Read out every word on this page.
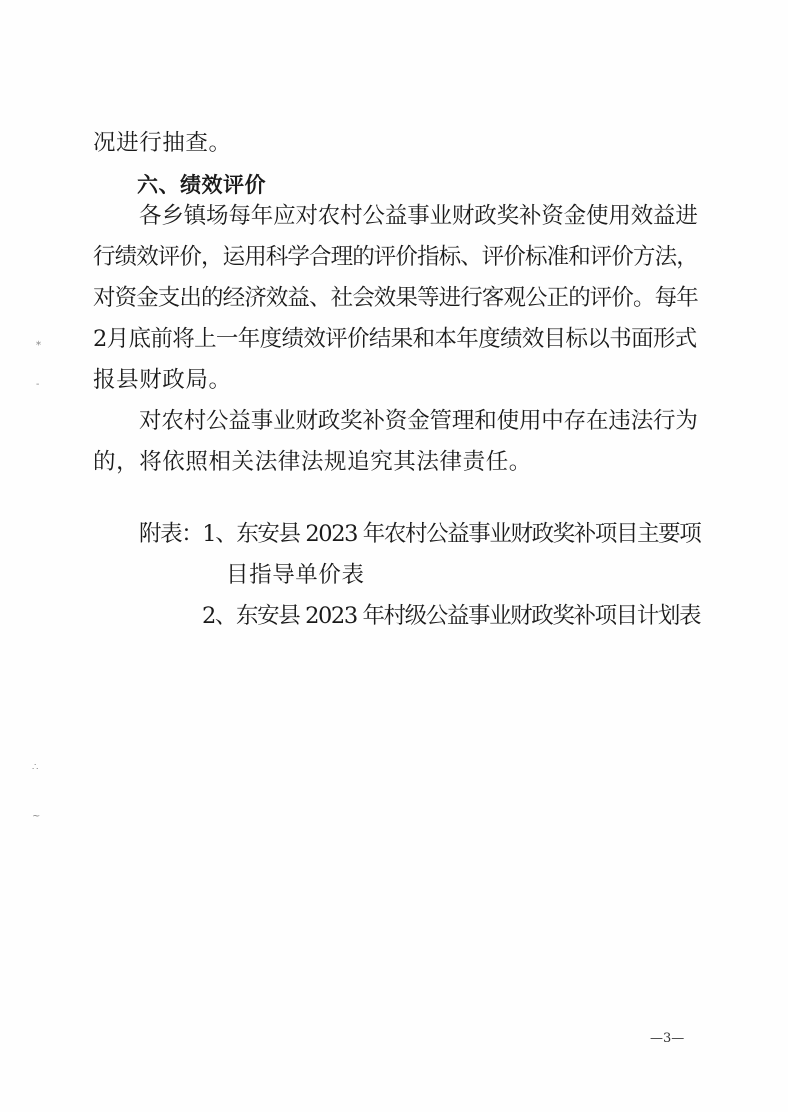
⁎
‐
∴
~
况进行抽查。
六、绩效评价
各乡镇场每年应对农村公益事业财政奖补资金使用效益进
行绩效评价，运用科学合理的评价指标、评价标准和评价方法，
对资金支出的经济效益、社会效果等进行客观公正的评价。每年
2月底前将上一年度绩效评价结果和本年度绩效目标以书面形式
报县财政局。
对农村公益事业财政奖补资金管理和使用中存在违法行为
的，将依照相关法律法规追究其法律责任。
附表：1、东安县 2023 年农村公益事业财政奖补项目主要项
目指导单价表
2、东安县 2023 年村级公益事业财政奖补项目计划表
—3—
